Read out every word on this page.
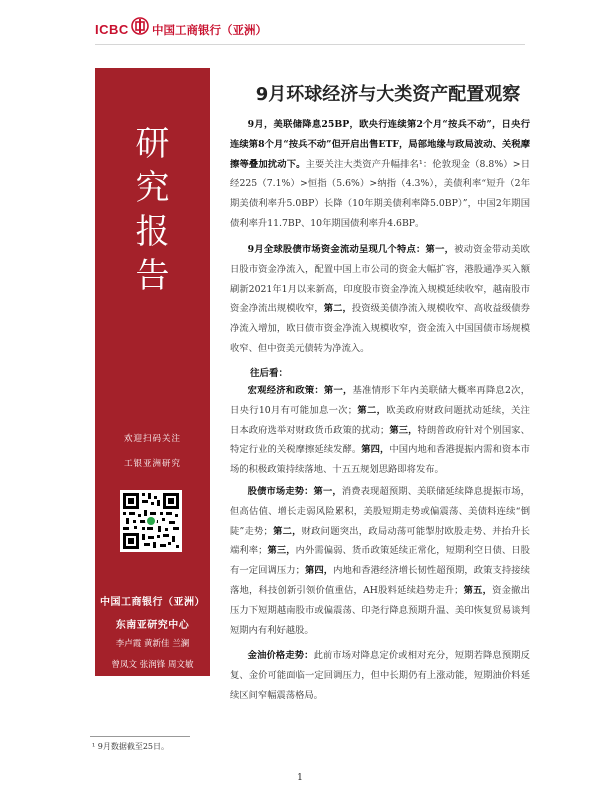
ICBC 中国工商银行（亚洲）
研
究
报
告
欢迎扫码关注
工银亚洲研究
中国工商银行（亚洲）
东南亚研究中心
李卢霞 黄新佳 兰澜
曾凤文 张润锋 周文敏
王靖雯 杨娇 杨金婷
9月环球经济与大类资产配置观察
9月，美联储降息25BP，欧央行连续第2个月“按兵不动”，日央行连续第8个月“按兵不动”但开启出售ETF，局部地缘与政局波动、关税摩擦等叠加扰动下。主要关注大类资产升幅排名¹：伦敦现金（8.8%）>日经225（7.1%）>恒指（5.6%）>纳指（4.3%），美债利率“短升（2年期美债利率升5.0BP）长降（10年期美债利率降5.0BP）”，中国2年期国债利率升11.7BP、10年期国债利率升4.6BP。
9月全球股债市场资金流动呈现几个特点：第一，被动资金带动美欧日股市资金净流入，配置中国上市公司的资金大幅扩容，港股通净买入额刷新2021年1月以来新高，印度股市资金净流入规模延续收窄，越南股市资金净流出规模收窄，第二，投资级美债净流入规模收窄、高收益级债券净流入增加，欧日债市资金净流入规模收窄，资金流入中国国债市场规模收窄、但中资美元债转为净流入。
往后看：
宏观经济和政策：第一，基准情形下年内美联储大概率再降息2次，日央行10月有可能加息一次；第二，欧美政府财政问题扰动延续，关注日本政府选举对财政货币政策的扰动；第三，特朗普政府针对个别国家、特定行业的关税摩擦延续发酵。第四，中国内地和香港提振内需和资本市场的积极政策持续落地、十五五规划思路即将发布。
股债市场走势：第一，消费表现超预期、美联储延续降息提振市场，但高估值、增长走弱风险累积，美股短期走势或偏震荡、美债料连续“倒陡”走势；第二，财政问题突出，政局动荡可能掣肘欧股走势、并抬升长端利率；第三，内外需偏弱、货币政策延续正常化，短期利空日债、日股有一定回调压力；第四，内地和香港经济增长韧性超预期，政策支持接续落地，科技创新引领价值重估，AH股料延续趋势走升；第五，资金撤出压力下短期越南股市或偏震荡、印尧行降息预期升温、美印恢复贸易谈判短期内有利好越股。
金油价格走势：此前市场对降息定价或相对充分，短期若降息预期反复、金价可能面临一定回调压力，但中长期仍有上涨动能，短期油价料延续区间窄幅震荡格局。
¹ 9月数据截至25日。
1
